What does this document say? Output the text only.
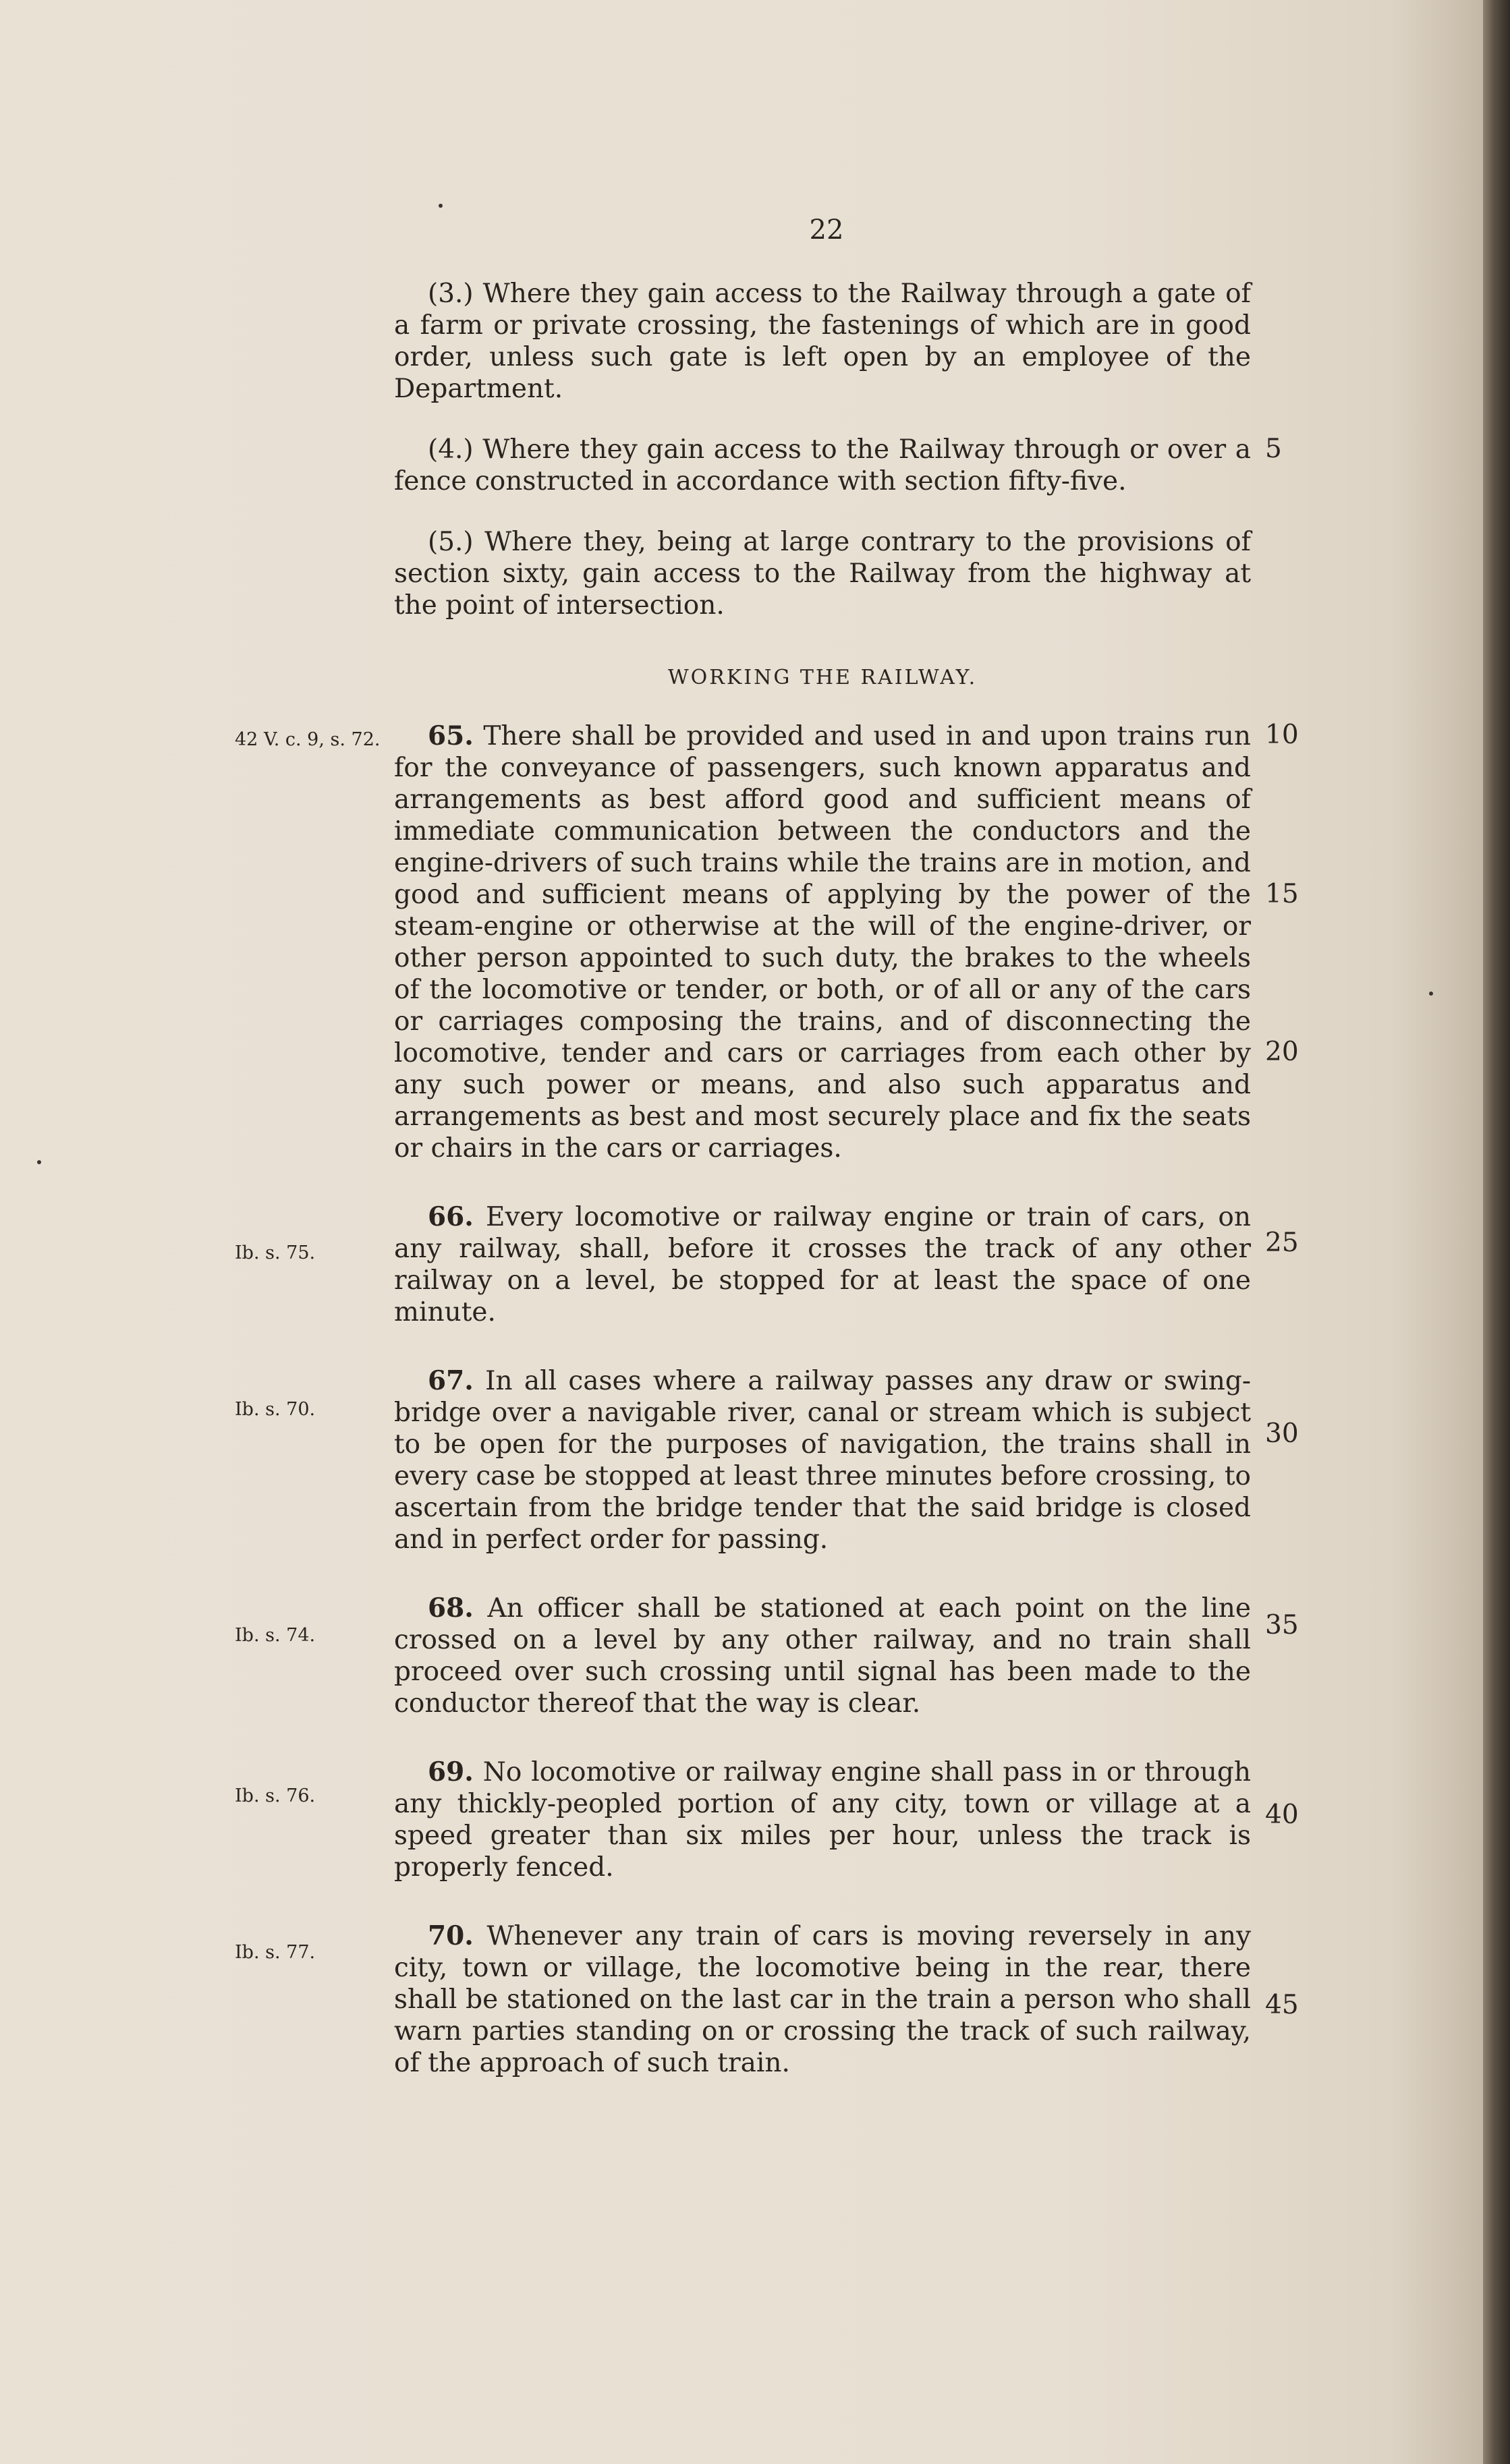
22

(3.) Where they gain access to the Railway through a gate of a farm or private crossing, the fastenings of which are in good order, unless such gate is left open by an employee of the Department.

(4.) Where they gain access to the Railway through or over a fence constructed in accordance with section fifty-five.

(5.) Where they, being at large contrary to the provisions of section sixty, gain access to the Railway from the highway at the point of intersection.

WORKING THE RAILWAY.

65. There shall be provided and used in and upon trains run for the conveyance of passengers, such known apparatus and arrangements as best afford good and sufficient means of immediate communication between the conductors and the engine-drivers of such trains while the trains are in motion, and good and sufficient means of applying by the power of the steam-engine or otherwise at the will of the engine-driver, or other person appointed to such duty, the brakes to the wheels of the locomotive or tender, or both, or of all or any of the cars or carriages composing the trains, and of disconnecting the locomotive, tender and cars or carriages from each other by any such power or means, and also such apparatus and arrangements as best and most securely place and fix the seats or chairs in the cars or carriages.

66. Every locomotive or railway engine or train of cars, on any railway, shall, before it crosses the track of any other railway on a level, be stopped for at least the space of one minute.

67. In all cases where a railway passes any draw or swing-bridge over a navigable river, canal or stream which is subject to be open for the purposes of navigation, the trains shall in every case be stopped at least three minutes before crossing, to ascertain from the bridge tender that the said bridge is closed and in perfect order for passing.

68. An officer shall be stationed at each point on the line crossed on a level by any other railway, and no train shall proceed over such crossing until signal has been made to the conductor thereof that the way is clear.

69. No locomotive or railway engine shall pass in or through any thickly-peopled portion of any city, town or village at a speed greater than six miles per hour, unless the track is properly fenced.

70. Whenever any train of cars is moving reversely in any city, town or village, the locomotive being in the rear, there shall be stationed on the last car in the train a person who shall warn parties standing on or crossing the track of such railway, of the approach of such train.

42 V. c. 9, s. 72.
Ib. s. 75.
Ib. s. 70.
Ib. s. 74.
Ib. s. 76.
Ib. s. 77.
5
10
15
20
25
30
35
40
45
